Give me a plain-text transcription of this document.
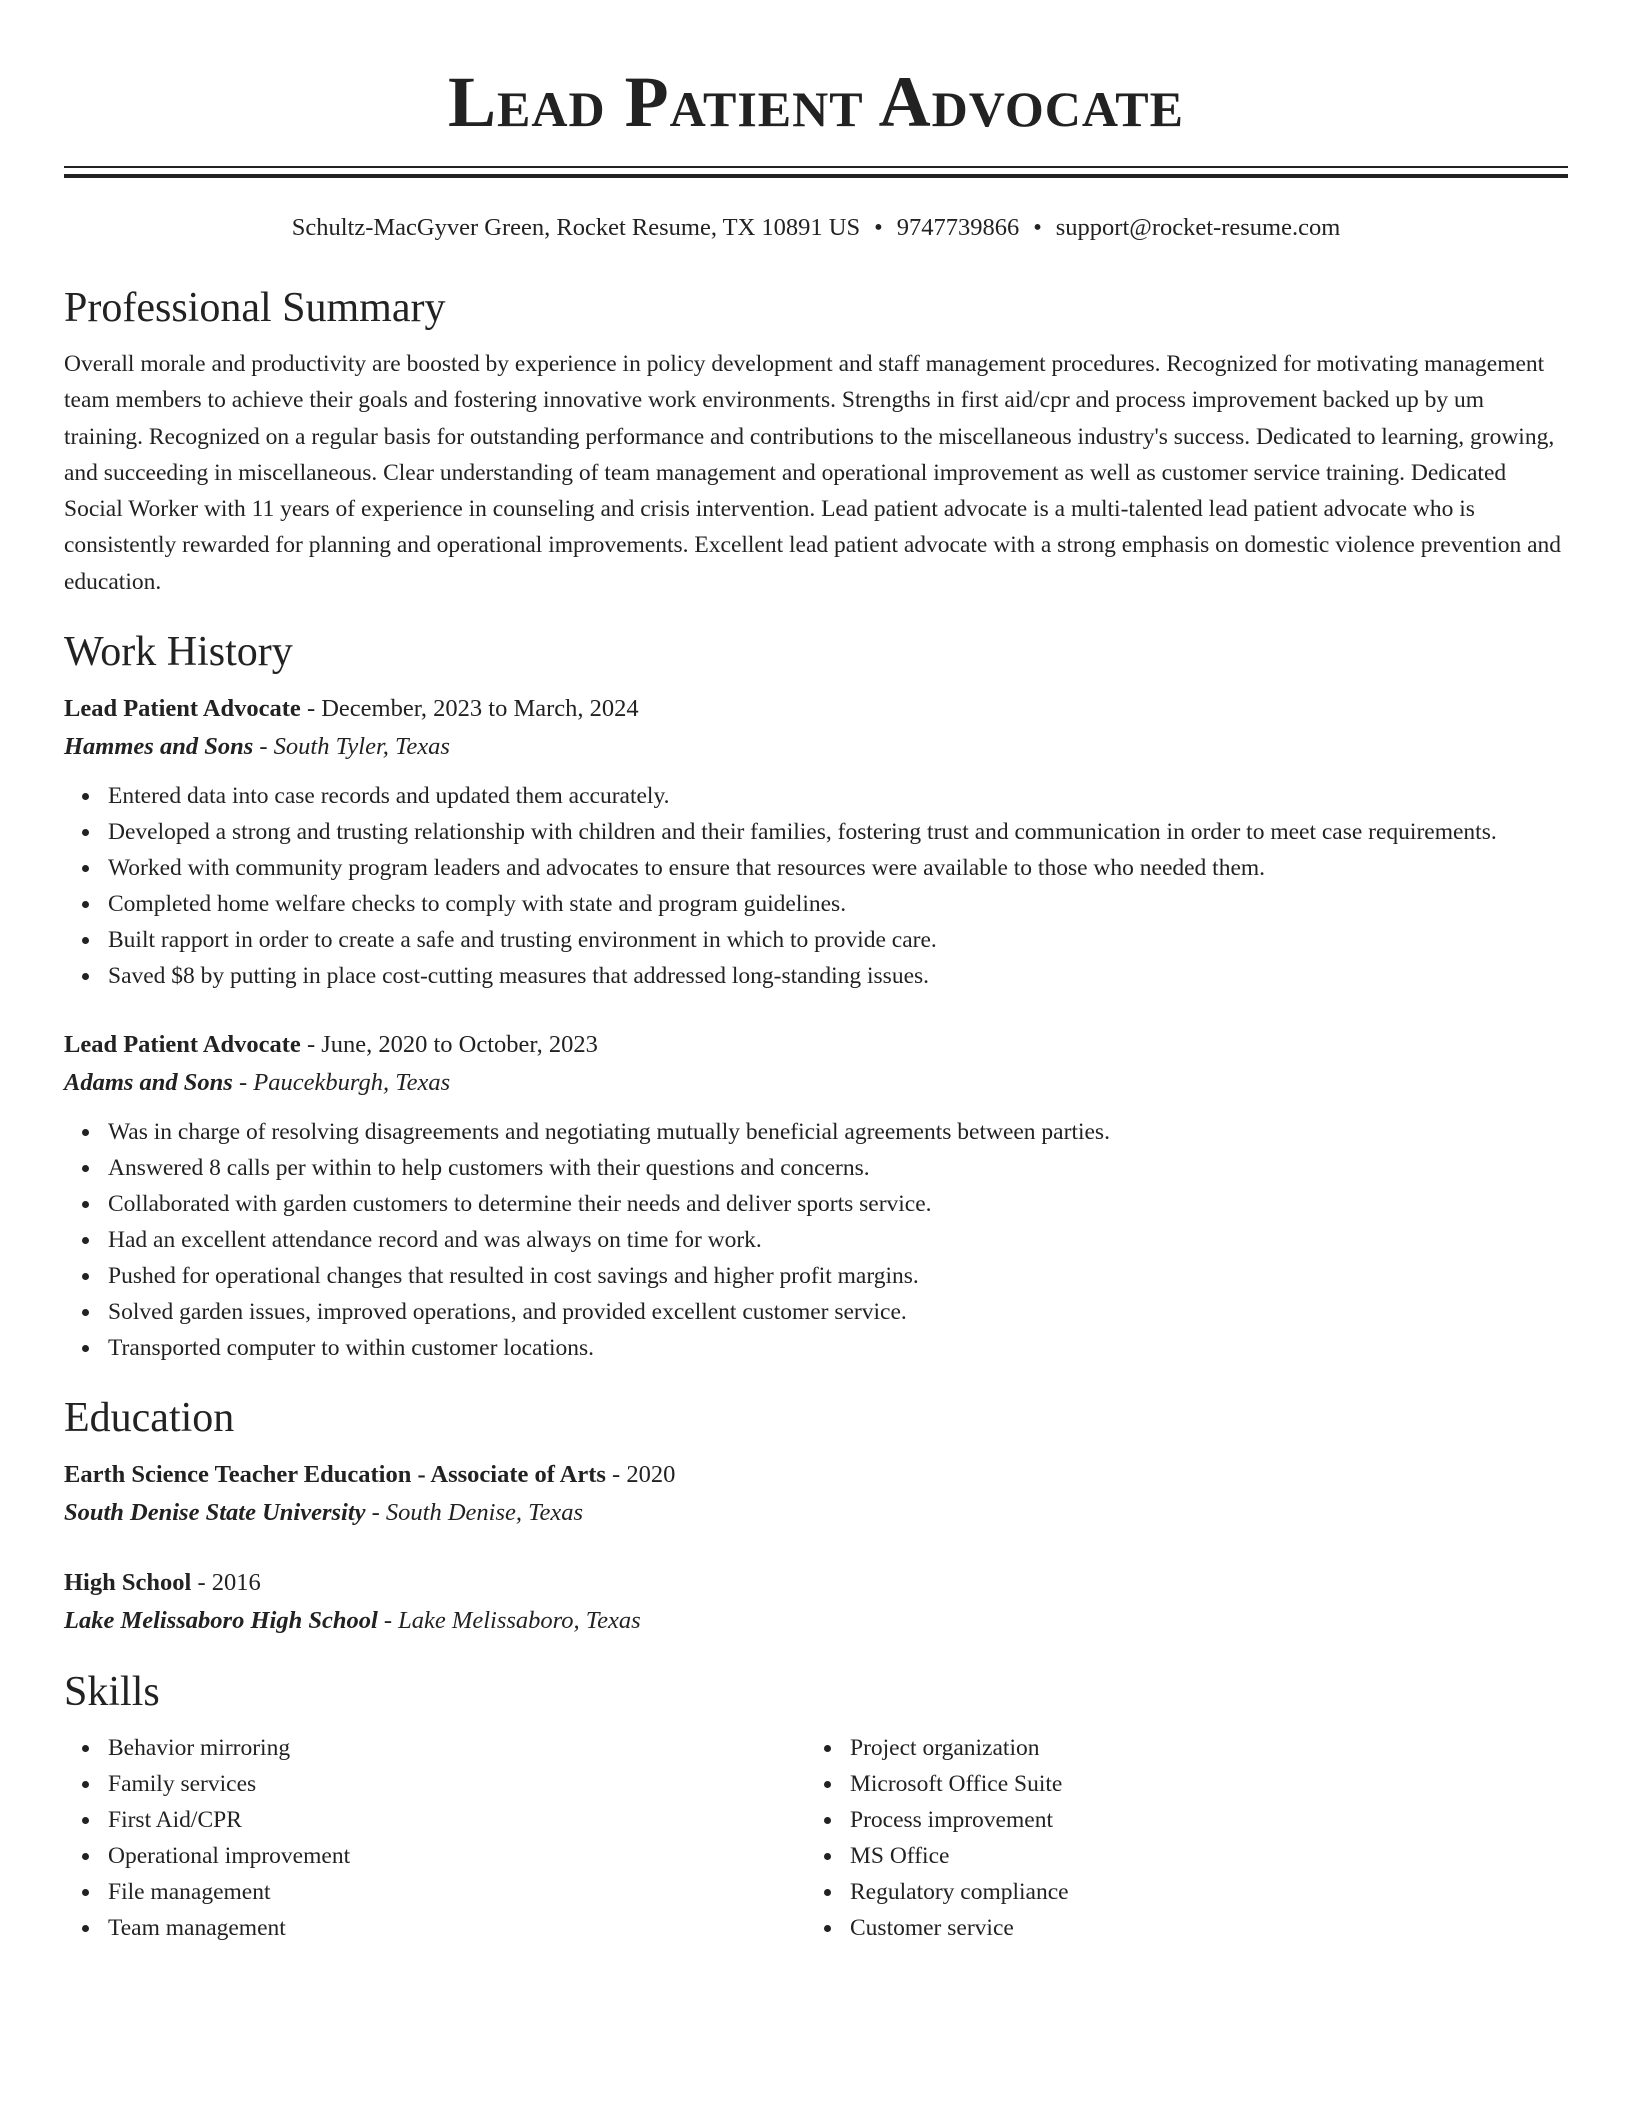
Lead Patient Advocate
Schultz-MacGyver Green, Rocket Resume, TX 10891 US • 9747739866 • support@rocket-resume.com
Professional Summary
Overall morale and productivity are boosted by experience in policy development and staff management procedures. Recognized for motivating management team members to achieve their goals and fostering innovative work environments. Strengths in first aid/cpr and process improvement backed up by um training. Recognized on a regular basis for outstanding performance and contributions to the miscellaneous industry's success. Dedicated to learning, growing, and succeeding in miscellaneous. Clear understanding of team management and operational improvement as well as customer service training. Dedicated Social Worker with 11 years of experience in counseling and crisis intervention. Lead patient advocate is a multi-talented lead patient advocate who is consistently rewarded for planning and operational improvements. Excellent lead patient advocate with a strong emphasis on domestic violence prevention and education.
Work History
Lead Patient Advocate - December, 2023 to March, 2024
Hammes and Sons - South Tyler, Texas
Entered data into case records and updated them accurately.
Developed a strong and trusting relationship with children and their families, fostering trust and communication in order to meet case requirements.
Worked with community program leaders and advocates to ensure that resources were available to those who needed them.
Completed home welfare checks to comply with state and program guidelines.
Built rapport in order to create a safe and trusting environment in which to provide care.
Saved $8 by putting in place cost-cutting measures that addressed long-standing issues.
Lead Patient Advocate - June, 2020 to October, 2023
Adams and Sons - Paucekburgh, Texas
Was in charge of resolving disagreements and negotiating mutually beneficial agreements between parties.
Answered 8 calls per within to help customers with their questions and concerns.
Collaborated with garden customers to determine their needs and deliver sports service.
Had an excellent attendance record and was always on time for work.
Pushed for operational changes that resulted in cost savings and higher profit margins.
Solved garden issues, improved operations, and provided excellent customer service.
Transported computer to within customer locations.
Education
Earth Science Teacher Education - Associate of Arts - 2020
South Denise State University - South Denise, Texas
High School - 2016
Lake Melissaboro High School - Lake Melissaboro, Texas
Skills
Behavior mirroring
Family services
First Aid/CPR
Operational improvement
File management
Team management
Project organization
Microsoft Office Suite
Process improvement
MS Office
Regulatory compliance
Customer service
